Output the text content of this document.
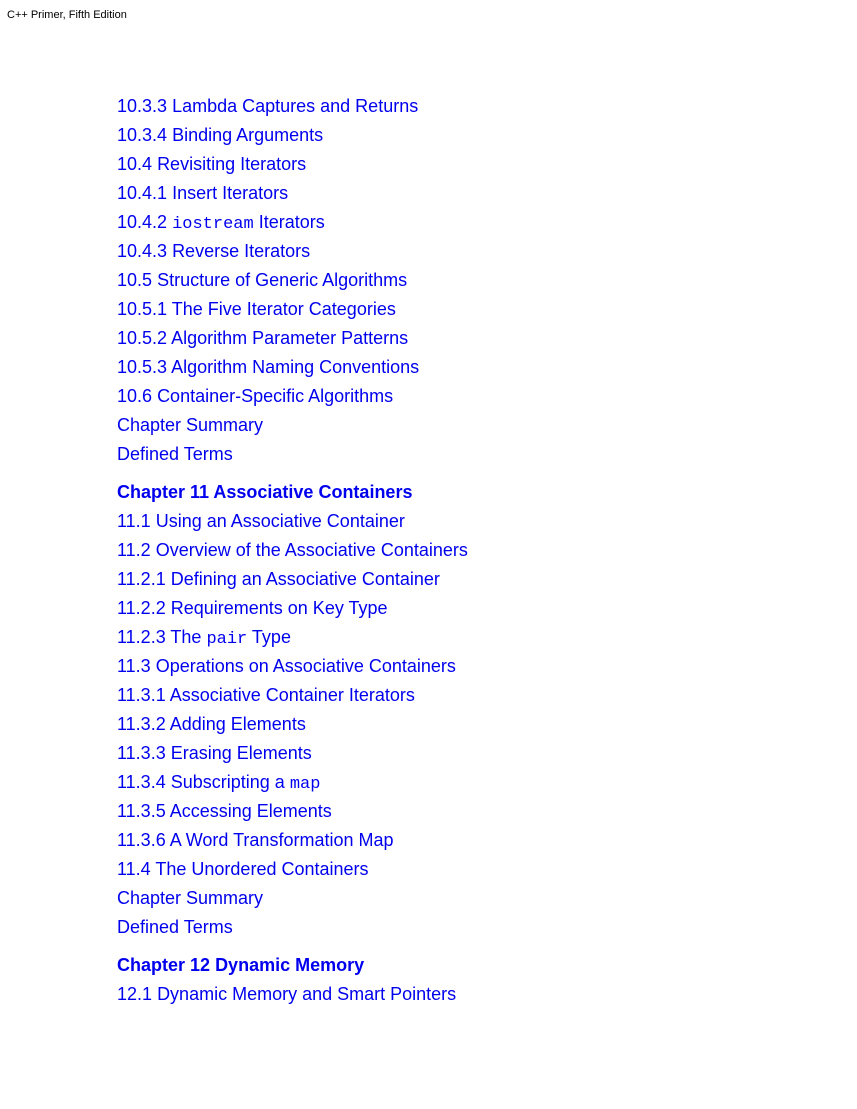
C++ Primer, Fifth Edition
10.3.3 Lambda Captures and Returns
10.3.4 Binding Arguments
10.4 Revisiting Iterators
10.4.1 Insert Iterators
10.4.2 iostream Iterators
10.4.3 Reverse Iterators
10.5 Structure of Generic Algorithms
10.5.1 The Five Iterator Categories
10.5.2 Algorithm Parameter Patterns
10.5.3 Algorithm Naming Conventions
10.6 Container-Specific Algorithms
Chapter Summary
Defined Terms
Chapter 11 Associative Containers
11.1 Using an Associative Container
11.2 Overview of the Associative Containers
11.2.1 Defining an Associative Container
11.2.2 Requirements on Key Type
11.2.3 The pair Type
11.3 Operations on Associative Containers
11.3.1 Associative Container Iterators
11.3.2 Adding Elements
11.3.3 Erasing Elements
11.3.4 Subscripting a map
11.3.5 Accessing Elements
11.3.6 A Word Transformation Map
11.4 The Unordered Containers
Chapter Summary
Defined Terms
Chapter 12 Dynamic Memory
12.1 Dynamic Memory and Smart Pointers
